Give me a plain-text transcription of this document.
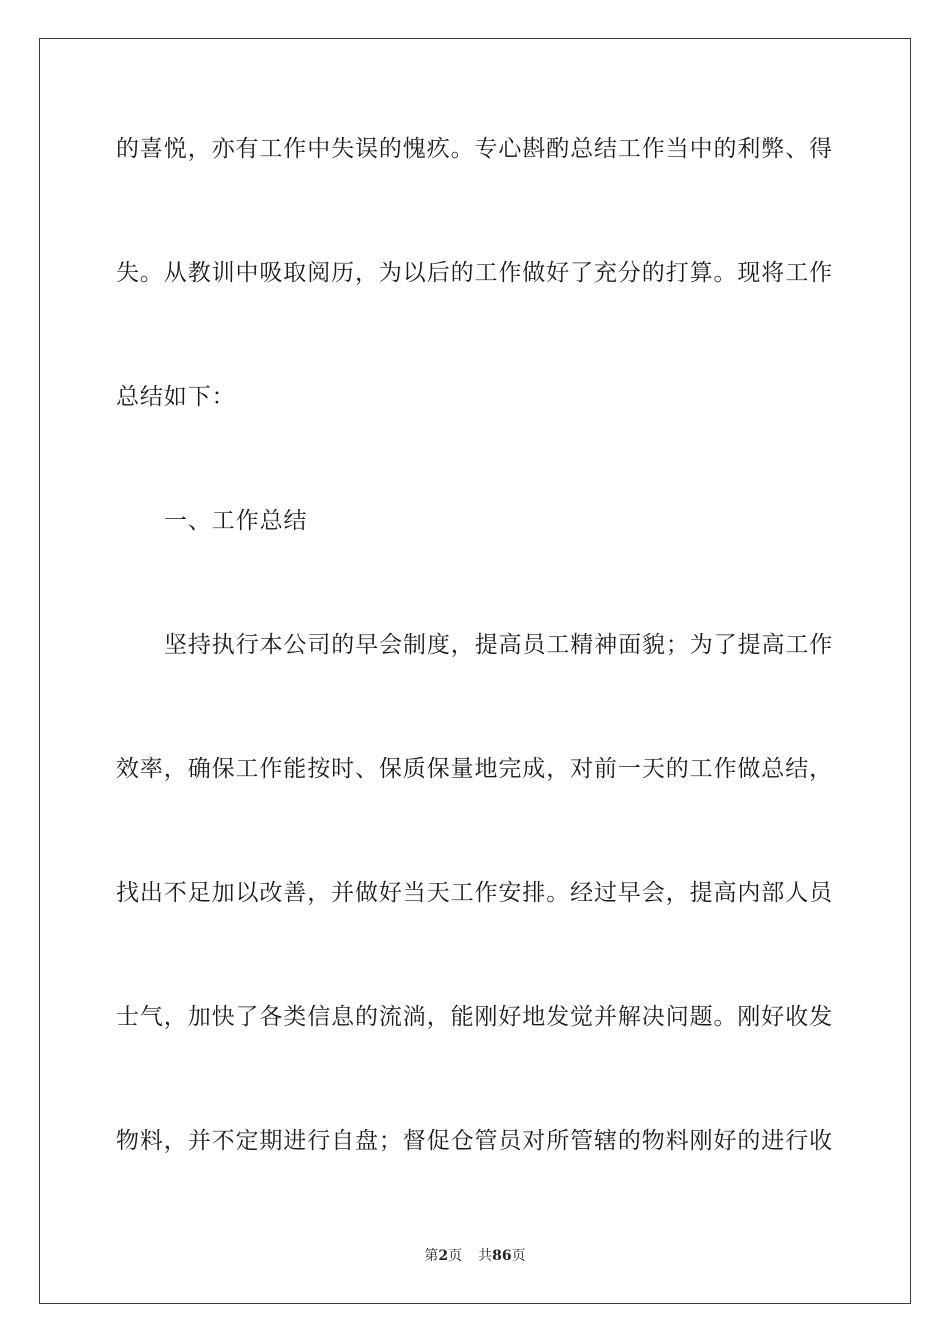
的喜悦，亦有工作中失误的愧疚。专心斟酌总结工作当中的利弊、得
失。从教训中吸取阅历，为以后的工作做好了充分的打算。现将工作
总结如下：
一、工作总结
坚持执行本公司的早会制度，提高员工精神面貌；为了提高工作
效率，确保工作能按时、保质保量地完成，对前一天的工作做总结，
找出不足加以改善，并做好当天工作安排。经过早会，提高内部人员
士气，加快了各类信息的流淌，能刚好地发觉并解决问题。刚好收发
物料，并不定期进行自盘；督促仓管员对所管辖的物料刚好的进行收
第2页 共86页
